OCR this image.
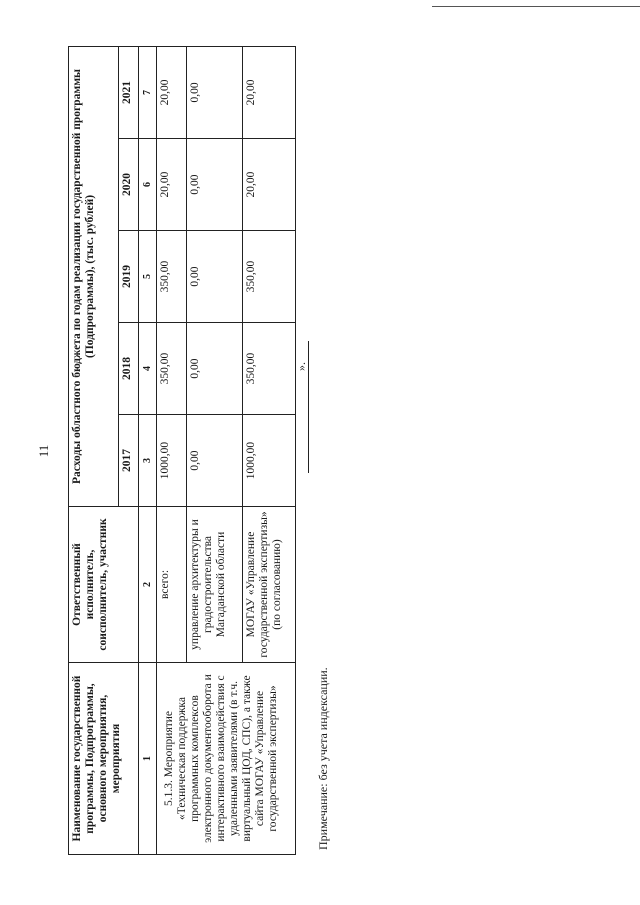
11
Наименование государственной программы, Подпрограммы, основного мероприятия, мероприятия	Ответственный исполнитель, соисполнитель, участник	Расходы областного бюджета по годам реализации государственной программы (Подпрограммы), (тыс. рублей)				
		2017	2018	2019	2020	2021
1	2	3	4	5	6	7

5.1.3. Мероприятие «Техническая поддержка программных комплексов электронного документооборота и интерактивного взаимодействия с удаленными заявителями (в т.ч. виртуальный ЦОД, СПС), а также сайта МОГАУ «Управление государственной экспертизы»	всего:	1000,00	350,00	350,00	20,00	20,00
	управление архитектуры и градостроительства Магаданской области	0,00	0,00	0,00	0,00	0,00
	МОГАУ «Управление государственной экспертизы» (по согласованию)	1000,00	350,00	350,00	20,00	20,00
».
Примечание: без учета индексации.
